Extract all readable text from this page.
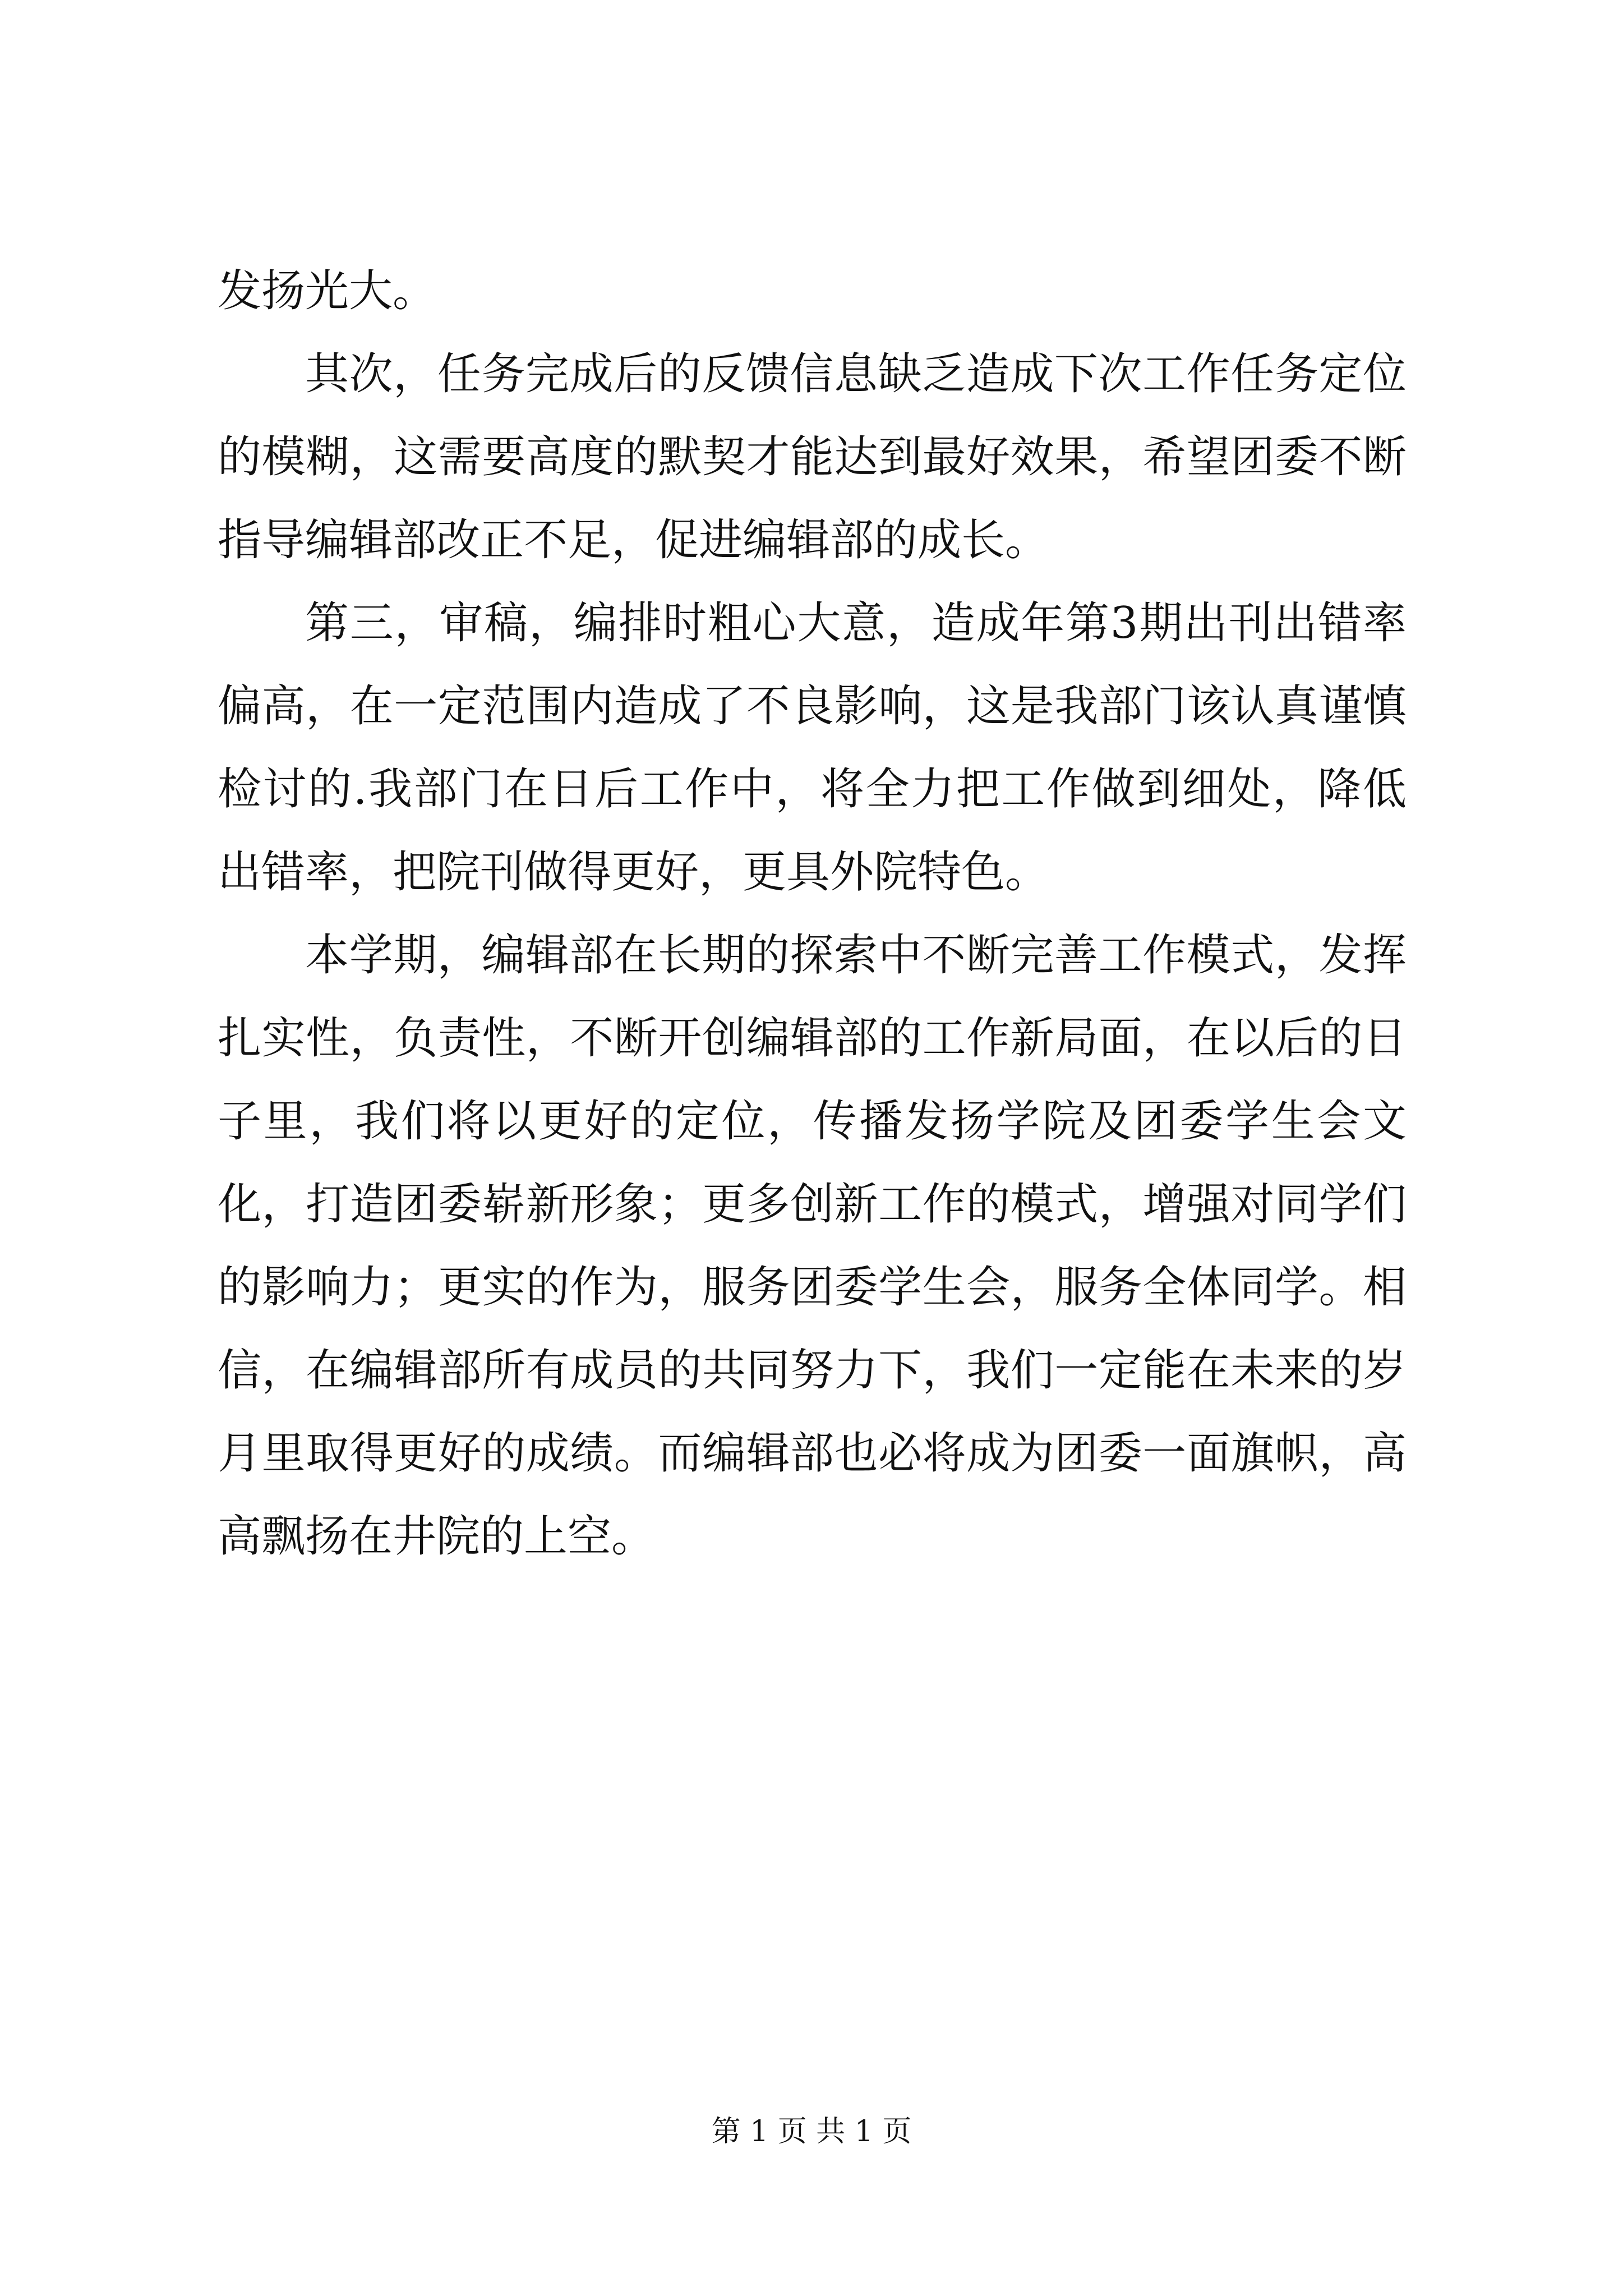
发扬光大。

其次，任务完成后的反馈信息缺乏造成下次工作任务定位的模糊，这需要高度的默契才能达到最好效果，希望团委不断指导编辑部改正不足，促进编辑部的成长。

第三，审稿，编排时粗心大意，造成年第3期出刊出错率偏高，在一定范围内造成了不良影响，这是我部门该认真谨慎检讨的.我部门在日后工作中，将全力把工作做到细处，降低出错率，把院刊做得更好，更具外院特色。

本学期，编辑部在长期的探索中不断完善工作模式，发挥扎实性，负责性，不断开创编辑部的工作新局面，在以后的日子里，我们将以更好的定位，传播发扬学院及团委学生会文化，打造团委崭新形象；更多创新工作的模式，增强对同学们的影响力；更实的作为，服务团委学生会，服务全体同学。相信，在编辑部所有成员的共同努力下，我们一定能在未来的岁月里取得更好的成绩。而编辑部也必将成为团委一面旗帜，高高飘扬在井院的上空。

第 1 页 共 1 页
